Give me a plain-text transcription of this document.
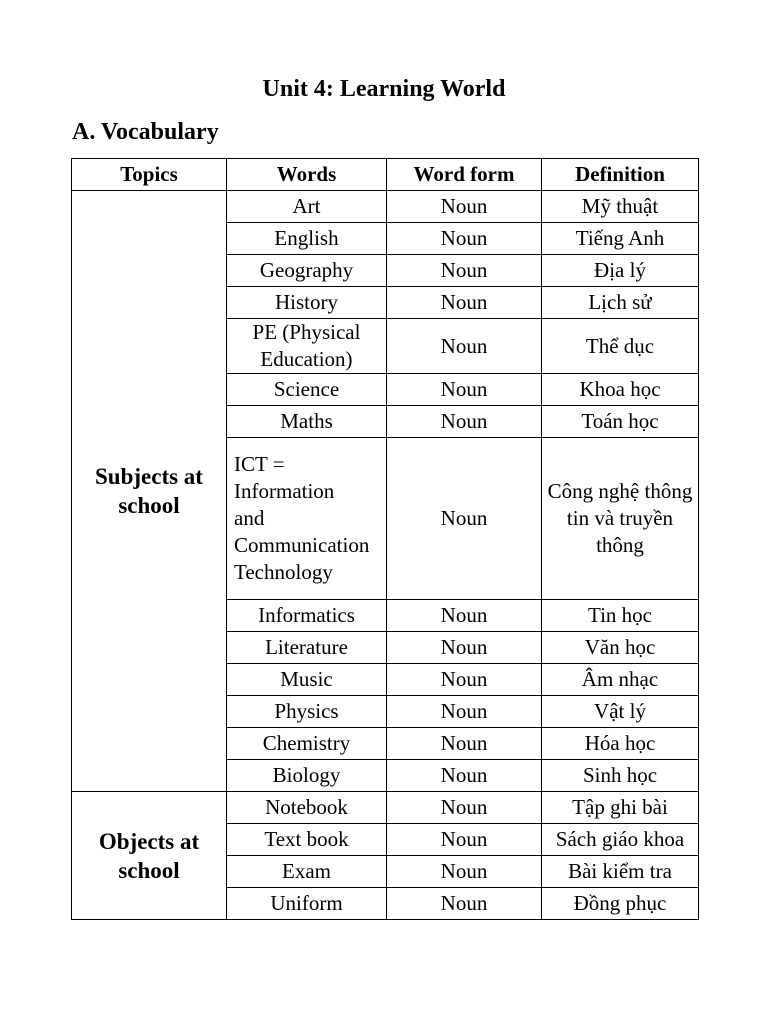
Unit 4: Learning World
A. Vocabulary
Topics	Words	Word form	Definition
Subjects at school	Art	Noun	Mỹ thuật
	English	Noun	Tiếng Anh
	Geography	Noun	Địa lý
	History	Noun	Lịch sử
	PE (Physical Education)	Noun	Thể dục
	Science	Noun	Khoa học
	Maths	Noun	Toán học

	ICT =
Information
and
Communication
Technology	Noun	Công nghệ thông tin và truyền thông
	Informatics	Noun	Tin học
	Literature	Noun	Văn học
	Music	Noun	Âm nhạc
	Physics	Noun	Vật lý
	Chemistry	Noun	Hóa học
	Biology	Noun	Sinh học
Objects at school	Notebook	Noun	Tập ghi bài
	Text book	Noun	Sách giáo khoa
	Exam	Noun	Bài kiểm tra
	Uniform	Noun	Đồng phục
